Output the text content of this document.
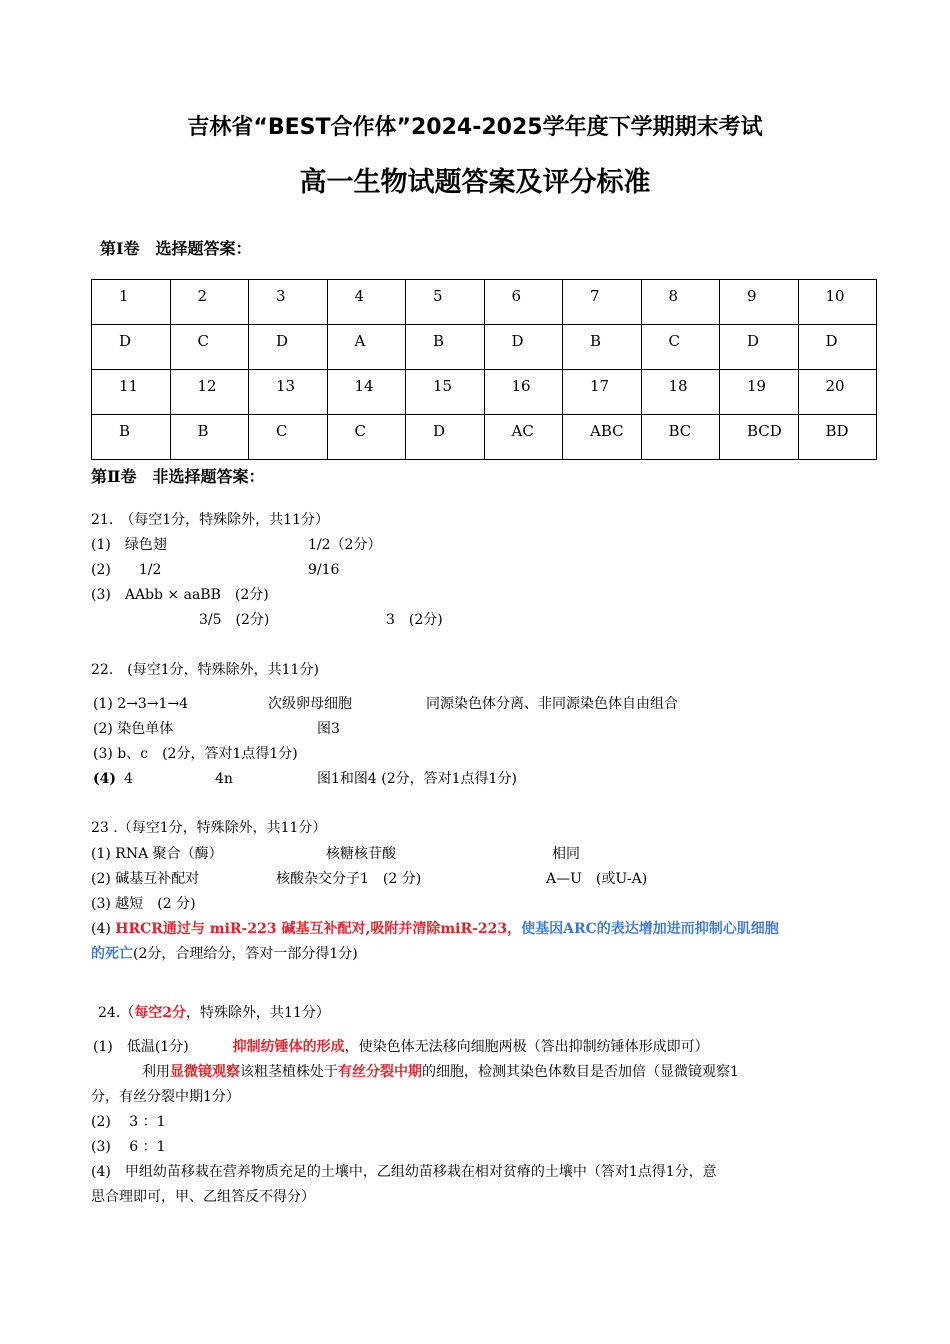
吉林省“BEST合作体”2024-2025学年度下学期期末考试
高一生物试题答案及评分标准
第Ⅰ卷　选择题答案：
1	2	3	4	5	6	7	8	9	10
D	C	D	A	B	D	B	C	D	D
11	12	13	14	15	16	17	18	19	20
B	B	C	C	D	AC	ABC	BC	BCD	BD
第Ⅱ卷　非选择题答案：
21.　（每空1分，特殊除外，共11分）
(1)　绿色翅	1/2（2分）
(2)　　1/2	9/16
(3)　AAbb × aaBB　(2分)
3/5　(2分)	3　(2分)
22.　(每空1分，特殊除外，共11分)
(1) 2→3→1→4	次级卵母细胞	同源染色体分离、非同源染色体自由组合
(2) 染色单体	图3
(3) b、c　(2分，答对1点得1分)
(4) 4	4n	图1和图4 (2分，答对1点得1分)
23 .（每空1分，特殊除外，共11分）
(1) RNA 聚合（酶）	核糖核苷酸	相同
(2) 碱基互补配对	核酸杂交分子1　(2 分)	A—U　(或U-A)
(3) 越短　(2 分)
(4) HRCR通过与 miR-223 碱基互补配对,吸附并清除miR-223，使基因ARC的表达增加进而抑制心肌细胞
的死亡(2分，合理给分，答对一部分得1分)
24.（每空2分，特殊除外，共11分）
(1)　低温(1分)	抑制纺锤体的形成，使染色体无法移向细胞两极（答出抑制纺锤体形成即可）
利用显微镜观察该粗茎植株处于有丝分裂中期的细胞，检测其染色体数目是否加倍（显微镜观察1
分，有丝分裂中期1分）
(2)　 3 ：1
(3)　 6 ：1
(4)　甲组幼苗移栽在营养物质充足的土壤中，乙组幼苗移栽在相对贫瘠的土壤中（答对1点得1分，意
思合理即可，甲、乙组答反不得分）
